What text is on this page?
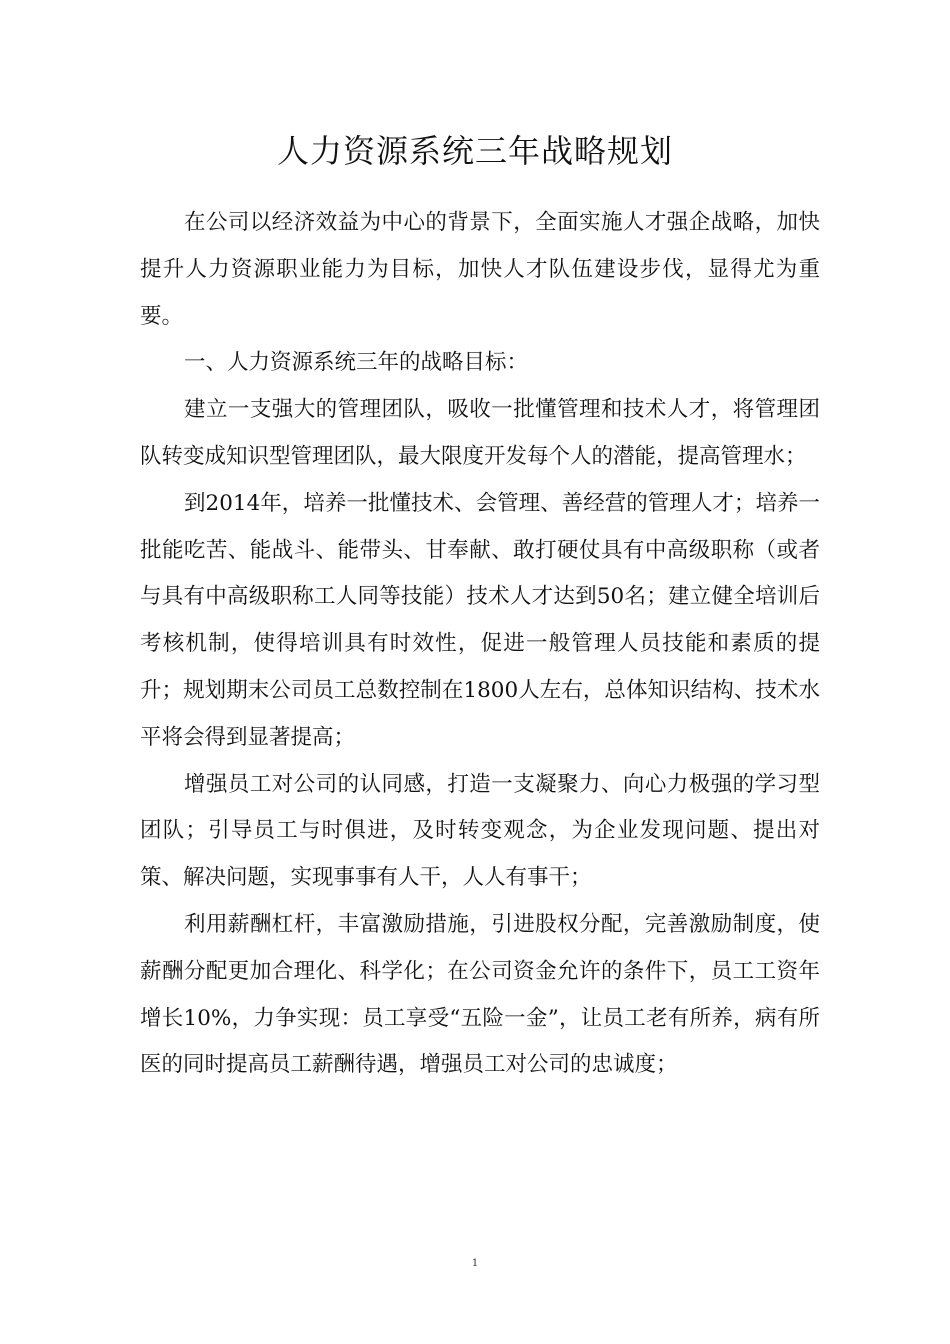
人力资源系统三年战略规划

在公司以经济效益为中心的背景下，全面实施人才强企战略，加快提升人力资源职业能力为目标，加快人才队伍建设步伐，显得尤为重要。

一、人力资源系统三年的战略目标：

建立一支强大的管理团队，吸收一批懂管理和技术人才，将管理团队转变成知识型管理团队，最大限度开发每个人的潜能，提高管理水；

到2014年，培养一批懂技术、会管理、善经营的管理人才；培养一批能吃苦、能战斗、能带头、甘奉献、敢打硬仗具有中高级职称（或者与具有中高级职称工人同等技能）技术人才达到50名；建立健全培训后考核机制，使得培训具有时效性，促进一般管理人员技能和素质的提升；规划期末公司员工总数控制在1800人左右，总体知识结构、技术水平将会得到显著提高；

增强员工对公司的认同感，打造一支凝聚力、向心力极强的学习型团队；引导员工与时俱进，及时转变观念，为企业发现问题、提出对策、解决问题，实现事事有人干，人人有事干；

利用薪酬杠杆，丰富激励措施，引进股权分配，完善激励制度，使薪酬分配更加合理化、科学化；在公司资金允许的条件下，员工工资年增长10%，力争实现：员工享受“五险一金”，让员工老有所养，病有所医的同时提高员工薪酬待遇，增强员工对公司的忠诚度；

1
